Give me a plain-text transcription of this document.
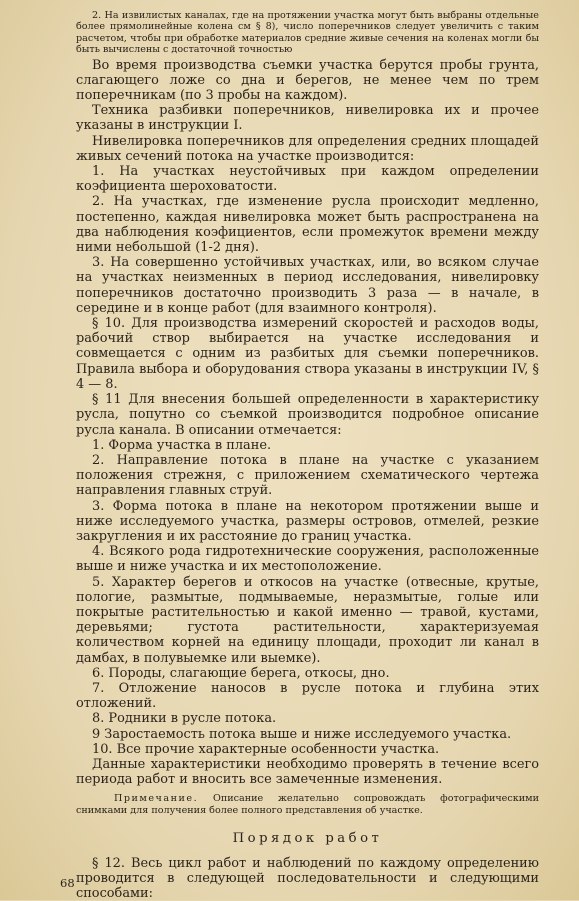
2. На извилистых каналах, где на протяжении участка могут быть выбраны отдельные более прямолинейные колена см § 8), число поперечников следует увеличить с таким расчетом, чтобы при обработке материалов средние живые сечения на коленах могли бы быть вычислены с достаточной точностью

Во время производства съемки участка берутся пробы грунта, слагающего ложе со дна и берегов, не менее чем по трем поперечникам (по 3 пробы на каждом).

Техника разбивки поперечников, нивелировка их и прочее указаны в инструкции I.

Нивелировка поперечников для определения средних площадей живых сечений потока на участке производится:

1. На участках неустойчивых при каждом определении коэфициента шероховатости.

2. На участках, где изменение русла происходит медленно, постепенно, каждая нивелировка может быть распространена на два наблюдения коэфициентов, если промежуток времени между ними небольшой (1-2 дня).

3. На совершенно устойчивых участках, или, во всяком случае на участках неизменных в период исследования, нивелировку поперечников достаточно производить 3 раза — в начале, в середине и в конце работ (для взаимного контроля).

§ 10. Для производства измерений скоростей и расходов воды, рабочий створ выбирается на участке исследования и совмещается с одним из разбитых для съемки поперечников. Правила выбора и оборудования створа указаны в инструкции IV, § 4 — 8.

§ 11 Для внесения большей определенности в характеристику русла, попутно со съемкой производится подробное описание русла канала. В описании отмечается:

1. Форма участка в плане.

2. Направление потока в плане на участке с указанием положения стрежня, с приложением схематического чертежа направления главных струй.

3. Форма потока в плане на некотором протяжении выше и ниже исследуемого участка, размеры островов, отмелей, резкие закругления и их расстояние до границ участка.

4. Всякого рода гидротехнические сооружения, расположенные выше и ниже участка и их местоположение.

5. Характер берегов и откосов на участке (отвесные, крутые, пологие, размытые, подмываемые, неразмытые, голые или покрытые растительностью и какой именно — травой, кустами, деревьями; густота растительности, характеризуемая количеством корней на единицу площади, проходит ли канал в дамбах, в полувыемке или выемке).

6. Породы, слагающие берега, откосы, дно.

7. Отложение наносов в русле потока и глубина этих отложений.

8. Родники в русле потока.

9 Заростаемость потока выше и ниже исследуемого участка.

10. Все прочие характерные особенности участка.

Данные характеристики необходимо проверять в течение всего периода работ и вносить все замеченные изменения.

Примечание. Описание желательно сопровождать фотографическими снимками для получения более полного представления об участке.
Порядок работ

§ 12. Весь цикл работ и наблюдений по каждому определению проводится в следующей последовательности и следующими способами:

68
